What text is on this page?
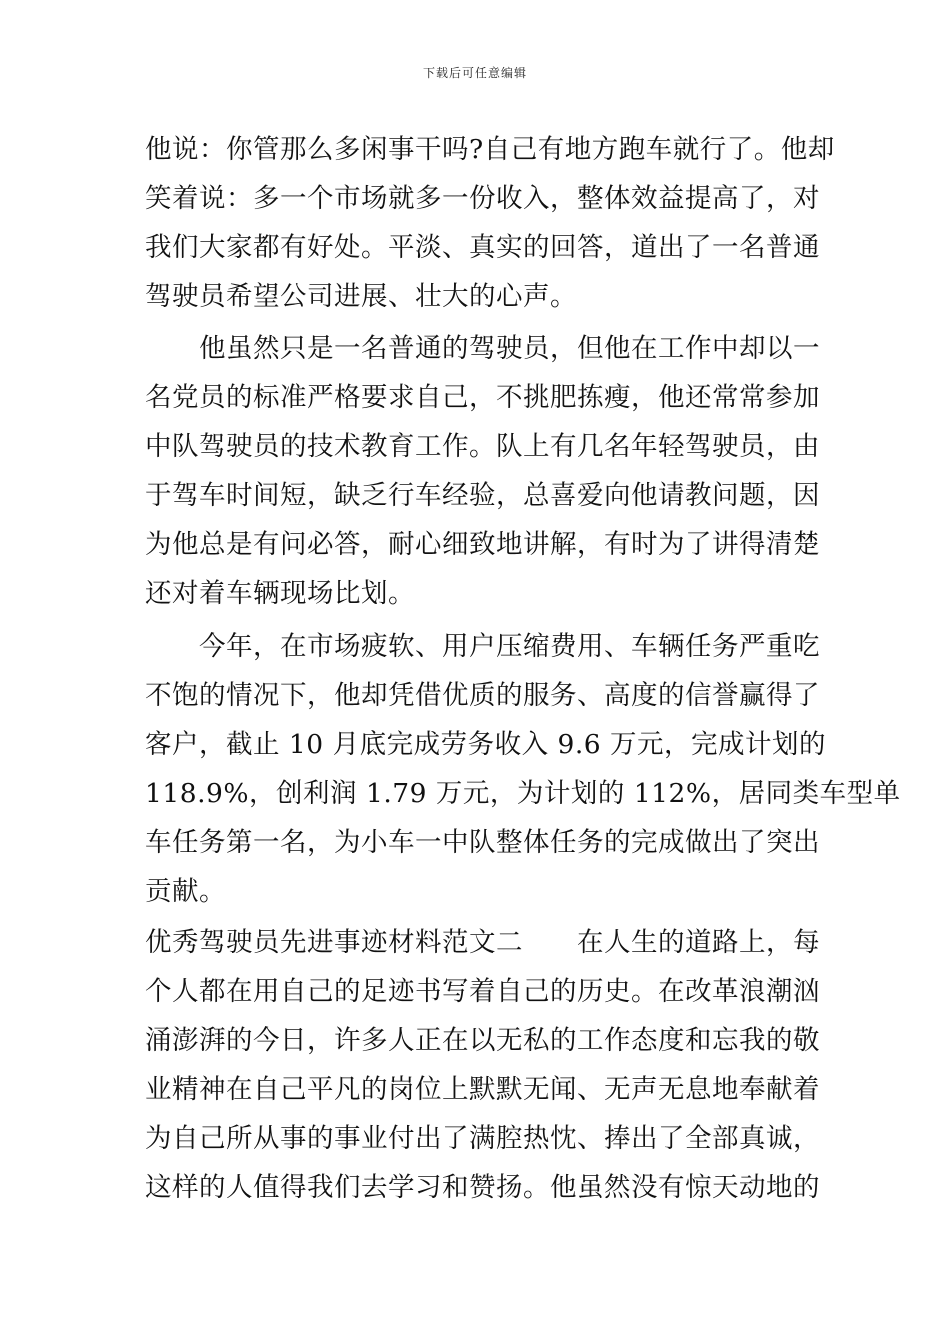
下载后可任意编辑
他说：你管那么多闲事干吗?自己有地方跑车就行了。他却
笑着说：多一个市场就多一份收入，整体效益提高了，对
我们大家都有好处。平淡、真实的回答，道出了一名普通
驾驶员希望公司进展、壮大的心声。
　　他虽然只是一名普通的驾驶员，但他在工作中却以一
名党员的标准严格要求自己，不挑肥拣瘦，他还常常参加
中队驾驶员的技术教育工作。队上有几名年轻驾驶员，由
于驾车时间短，缺乏行车经验，总喜爱向他请教问题，因
为他总是有问必答，耐心细致地讲解，有时为了讲得清楚
还对着车辆现场比划。
　　今年，在市场疲软、用户压缩费用、车辆任务严重吃
不饱的情况下，他却凭借优质的服务、高度的信誉赢得了
客户，截止 10 月底完成劳务收入 9.6 万元，完成计划的
118.9%，创利润 1.79 万元，为计划的 112%，居同类车型单
车任务第一名，为小车一中队整体任务的完成做出了突出
贡献。
优秀驾驶员先进事迹材料范文二 在人生的道路上，每
个人都在用自己的足迹书写着自己的历史。在改革浪潮汹
涌澎湃的今日，许多人正在以无私的工作态度和忘我的敬
业精神在自己平凡的岗位上默默无闻、无声无息地奉献着
为自己所从事的事业付出了满腔热忱、捧出了全部真诚，
这样的人值得我们去学习和赞扬。他虽然没有惊天动地的
